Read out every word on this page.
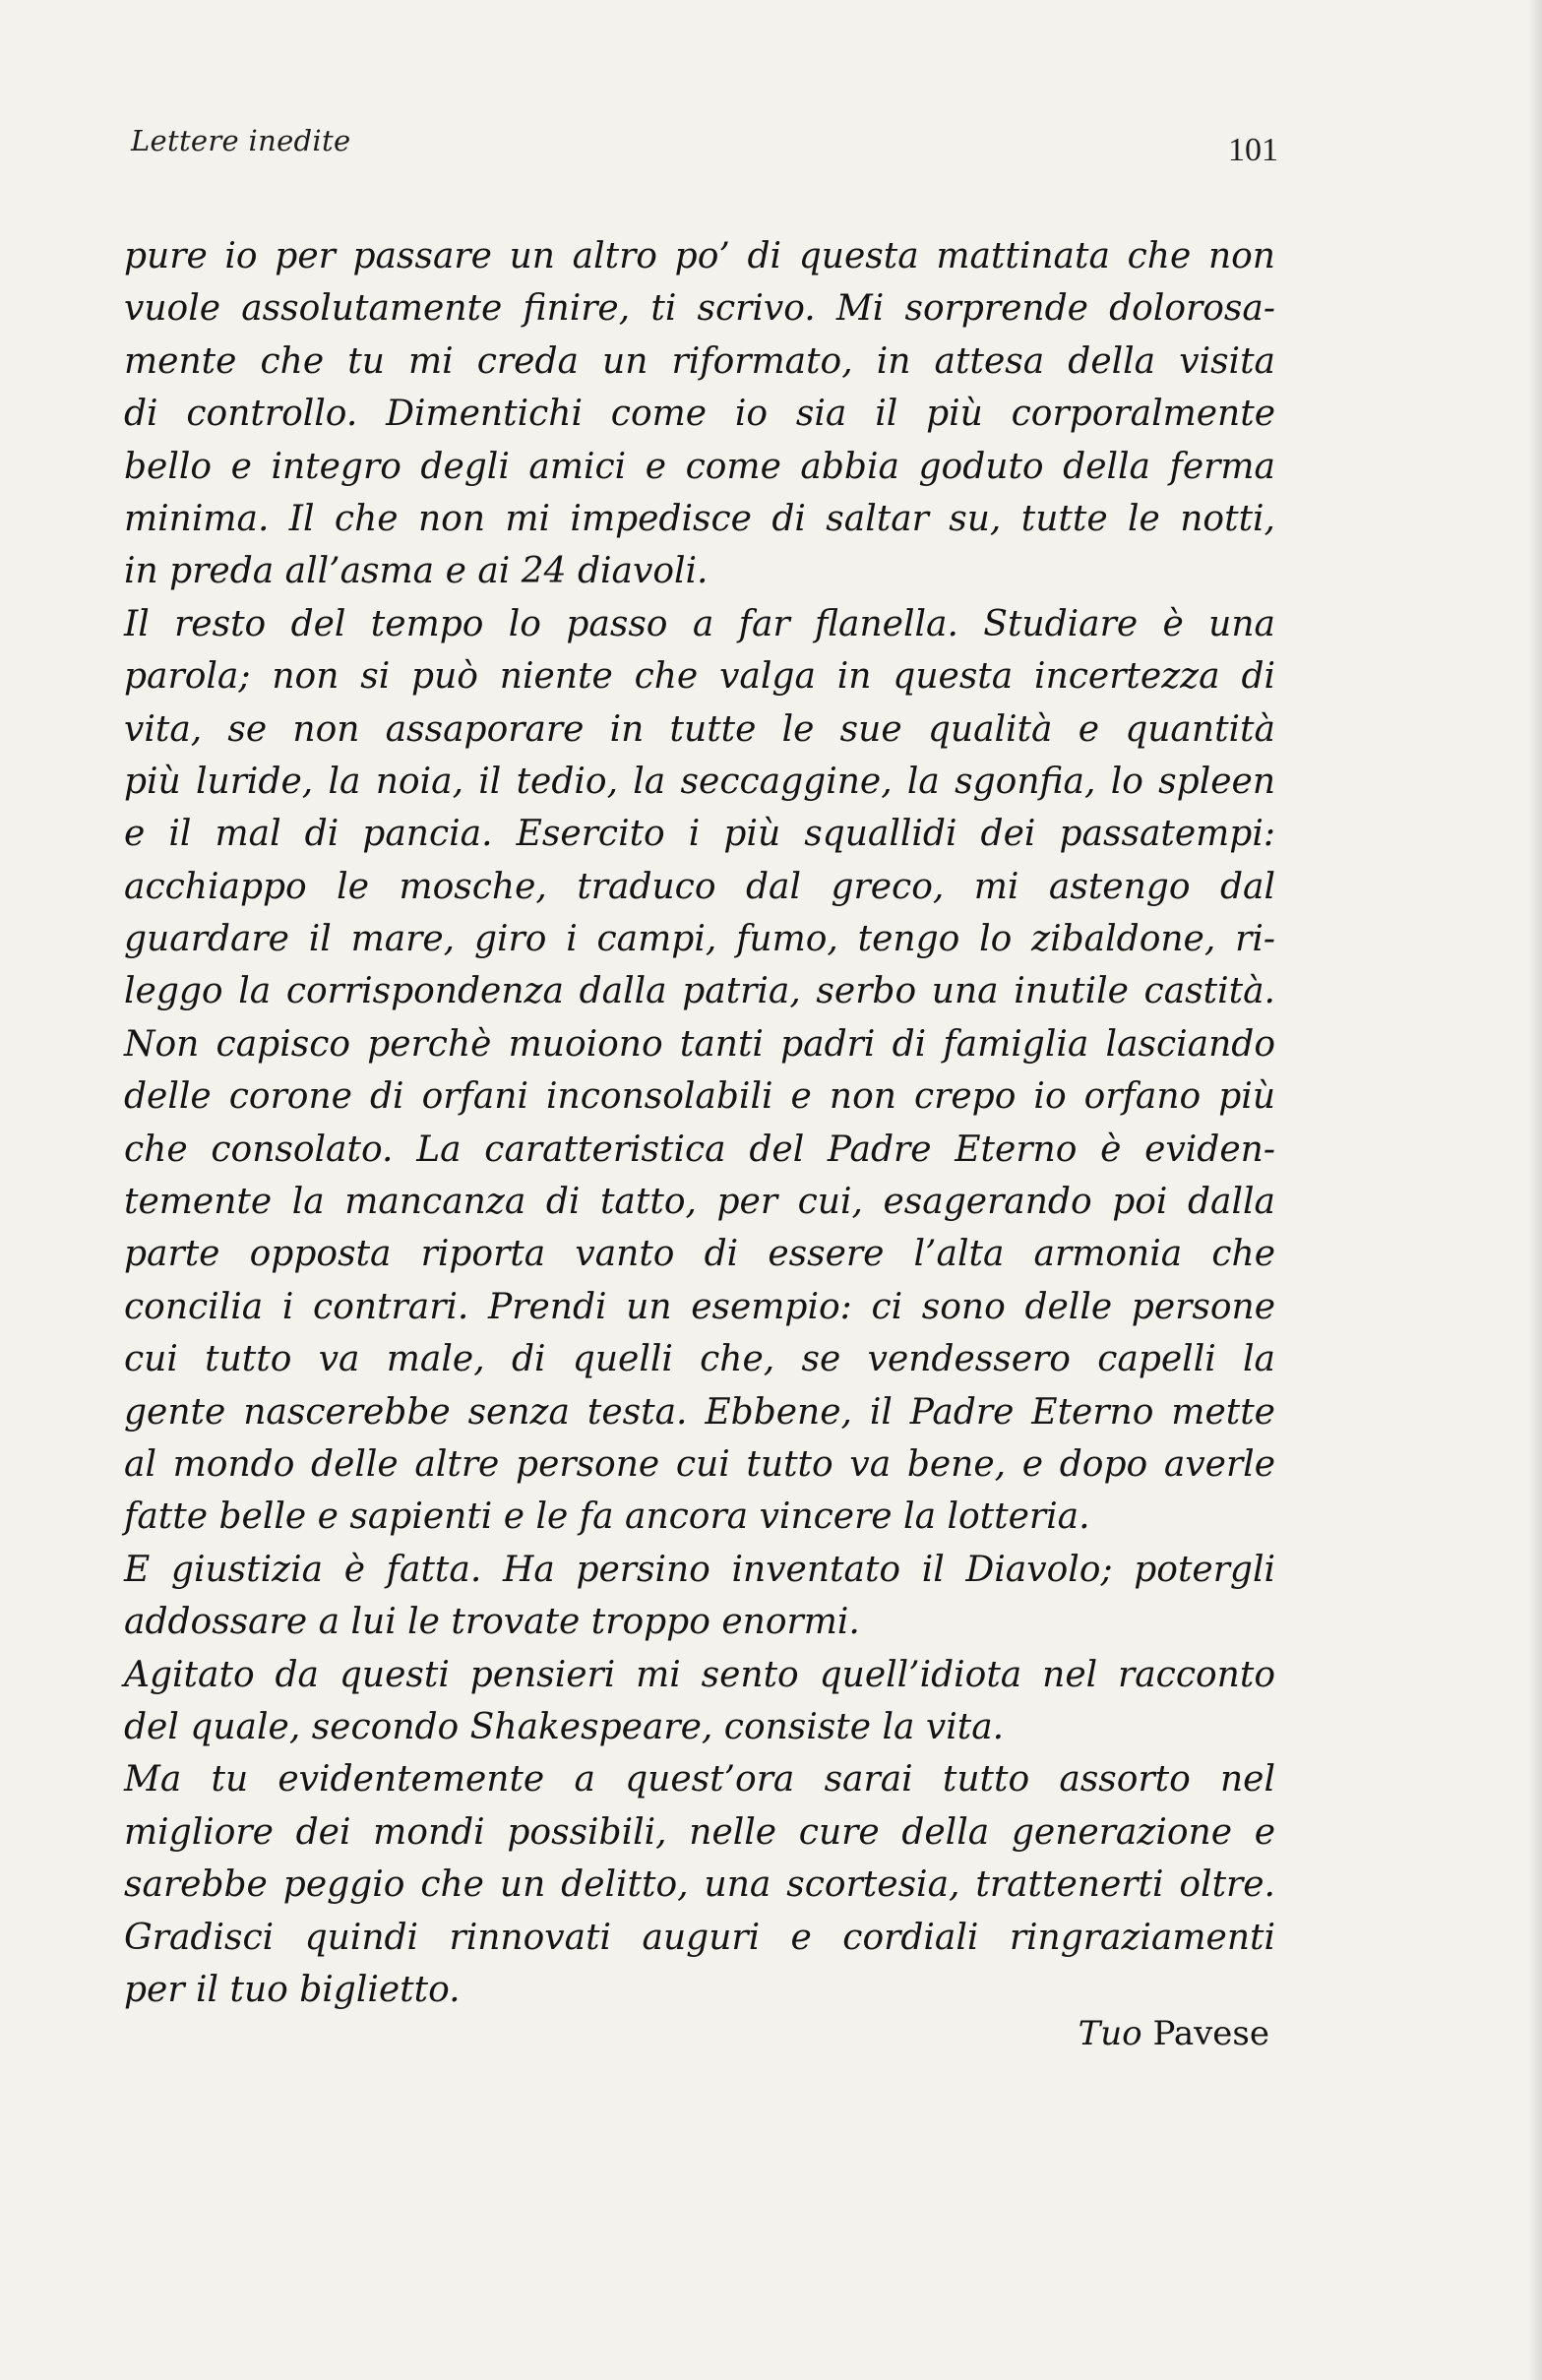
Lettere inedite	101
pure io per passare un altro po’ di questa mattinata che non
vuole assolutamente finire, ti scrivo. Mi sorprende dolorosa-
mente che tu mi creda un riformato, in attesa della visita
di controllo. Dimentichi come io sia il più corporalmente
bello e integro degli amici e come abbia goduto della ferma
minima. Il che non mi impedisce di saltar su, tutte le notti,
in preda all’asma e ai 24 diavoli.
Il resto del tempo lo passo a far flanella. Studiare è una
parola; non si può niente che valga in questa incertezza di
vita, se non assaporare in tutte le sue qualità e quantità
più luride, la noia, il tedio, la seccaggine, la sgonfia, lo spleen
e il mal di pancia. Esercito i più squallidi dei passatempi:
acchiappo le mosche, traduco dal greco, mi astengo dal
guardare il mare, giro i campi, fumo, tengo lo zibaldone, ri-
leggo la corrispondenza dalla patria, serbo una inutile castità.
Non capisco perchè muoiono tanti padri di famiglia lasciando
delle corone di orfani inconsolabili e non crepo io orfano più
che consolato. La caratteristica del Padre Eterno è eviden-
temente la mancanza di tatto, per cui, esagerando poi dalla
parte opposta riporta vanto di essere l’alta armonia che
concilia i contrari. Prendi un esempio: ci sono delle persone
cui tutto va male, di quelli che, se vendessero capelli la
gente nascerebbe senza testa. Ebbene, il Padre Eterno mette
al mondo delle altre persone cui tutto va bene, e dopo averle
fatte belle e sapienti e le fa ancora vincere la lotteria.
E giustizia è fatta. Ha persino inventato il Diavolo; potergli
addossare a lui le trovate troppo enormi.
Agitato da questi pensieri mi sento quell’idiota nel racconto
del quale, secondo Shakespeare, consiste la vita.
Ma tu evidentemente a quest’ora sarai tutto assorto nel
migliore dei mondi possibili, nelle cure della generazione e
sarebbe peggio che un delitto, una scortesia, trattenerti oltre.
Gradisci quindi rinnovati auguri e cordiali ringraziamenti
per il tuo biglietto.
Tuo Pavese
